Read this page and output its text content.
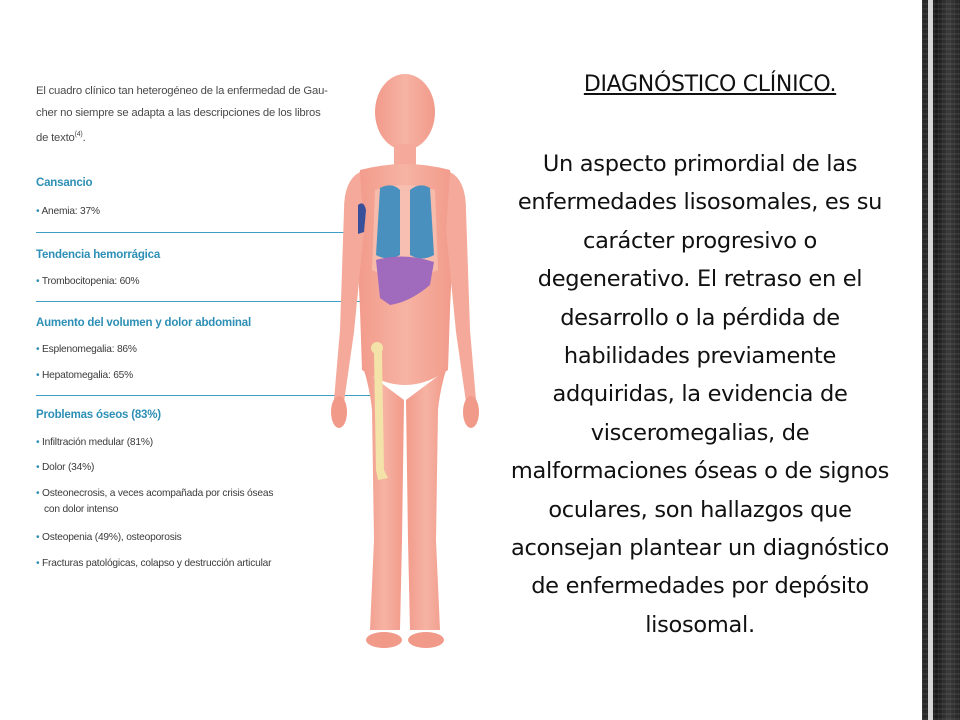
El cuadro clínico tan heterogéneo de la enfermedad de Gau-
cher no siempre se adapta a las descripciones de los libros
de texto$^{(4)}$.
Cansancio
• Anemia: 37%
Tendencia hemorrágica
• Trombocitopenia: 60%
Aumento del volumen y dolor abdominal
• Esplenomegalia: 86%
• Hepatomegalia: 65%
Problemas óseos (83%)
• Infiltración medular (81%)
• Dolor (34%)
• Osteonecrosis, a veces acompañada por crisis óseas
con dolor intenso
• Osteopenia (49%), osteoporosis
• Fracturas patológicas, colapso y destrucción articular
DIAGNÓSTICO CLÍNICO.
Un aspecto primordial de las
enfermedades lisosomales, es su
carácter progresivo o
degenerativo. El retraso en el
desarrollo o la pérdida de
habilidades previamente
adquiridas, la evidencia de
visceromegalias, de
malformaciones óseas o de signos
oculares, son hallazgos que
aconsejan plantear un diagnóstico
de enfermedades por depósito
lisosomal.
